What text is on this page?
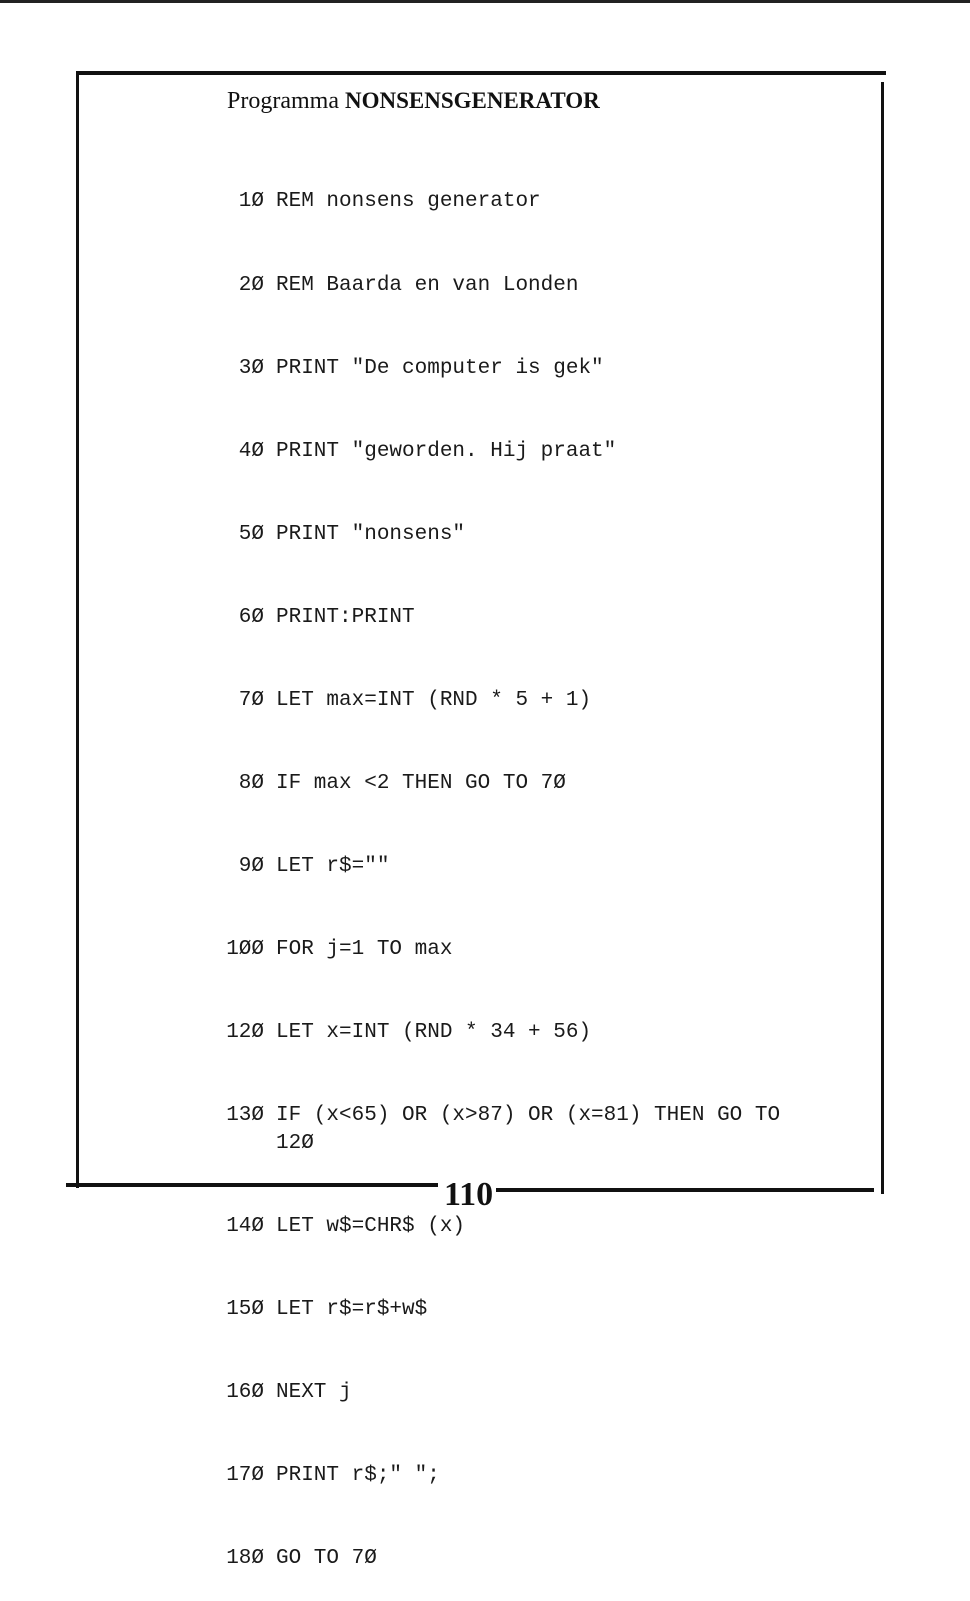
Programma NONSENSGENERATOR

1Ø REM nonsens generator

2Ø REM Baarda en van Londen

3Ø PRINT "De computer is gek"

4Ø PRINT "geworden. Hij praat"

5Ø PRINT "nonsens"

6Ø PRINT:PRINT

7Ø LET max=INT (RND * 5 + 1)

8Ø IF max <2 THEN GO TO 7Ø

9Ø LET r$=""

1ØØ FOR j=1 TO max

12Ø LET x=INT (RND * 34 + 56)

13Ø IF (x<65) OR (x>87) OR (x=81) THEN GO TO
12Ø

14Ø LET w$=CHR$ (x)

15Ø LET r$=r$+w$

16Ø NEXT j

17Ø PRINT r$;" ";

18Ø GO TO 7Ø

110
